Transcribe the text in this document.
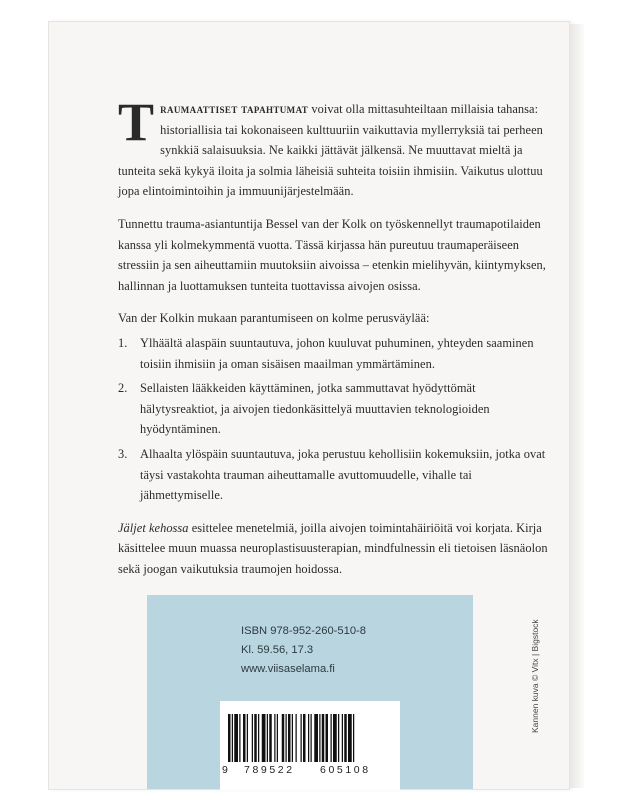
Traumaattiset tapahtumat voivat olla mittasuhteiltaan millaisia tahansa: historiallisia tai kokonaiseen kulttuuriin vaikuttavia myllerryksiä tai perheen synkkiä salaisuuksia. Ne kaikki jättävät jälkensä. Ne muuttavat mieltä ja tunteita sekä kykyä iloita ja solmia läheisiä suhteita toisiin ihmisiin. Vaikutus ulottuu jopa elintoimintoihin ja immuunijärjestelmään.

Tunnettu trauma-asiantuntija Bessel van der Kolk on työskennellyt traumapotilaiden kanssa yli kolmekymmentä vuotta. Tässä kirjassa hän pureutuu traumaperäiseen stressiin ja sen aiheuttamiin muutoksiin aivoissa – etenkin mielihyvän, kiintymyksen, hallinnan ja luottamuksen tunteita tuottavissa aivojen osissa.

Van der Kolkin mukaan parantumiseen on kolme perusväylää:

1.	Ylhäältä alaspäin suuntautuva, johon kuuluvat puhuminen, yhteyden saaminen toisiin ihmisiin ja oman sisäisen maailman ymmärtäminen.
2.	Sellaisten lääkkeiden käyttäminen, jotka sammuttavat hyödyttömät hälytysreaktiot, ja aivojen tiedonkäsittelyä muuttavien teknologioiden hyödyntäminen.
3.	Alhaalta ylöspäin suuntautuva, joka perustuu kehollisiin kokemuksiin, jotka ovat täysi vastakohta trauman aiheuttamalle avuttomuudelle, vihalle tai jähmettymiselle.

Jäljet kehossa esittelee menetelmiä, joilla aivojen toimintahäiriöitä voi korjata. Kirja käsittelee muun muassa neuroplastisuusterapian, mindfulnessin eli tietoisen läsnäolon sekä joogan vaikutuksia traumojen hoidossa.

ISBN 978-952-260-510-8
Kl. 59.56, 17.3
www.viisaselama.fi
9 789522 605108
Kannen kuva © Vitx | Bigstock
